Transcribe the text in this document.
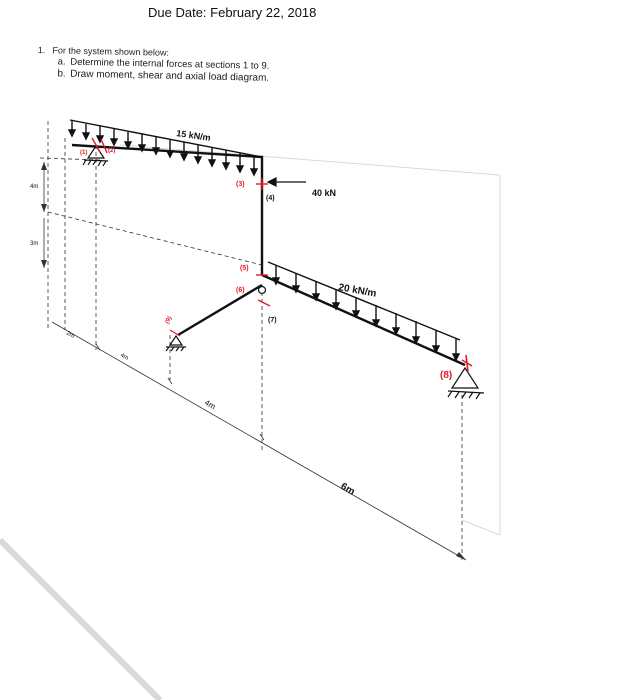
Due Date: February 22, 2018
1. For the system shown below:
a. Determine the internal forces at sections 1 to 9.
b. Draw moment, shear and axial load diagram.
15 kN/m
(1)	(2)
40 kN
(3)
(4)
(5)
(6)
(7)
20 kN/m
(8)
(9)
4m
3m
2m
4m
4m
6m
